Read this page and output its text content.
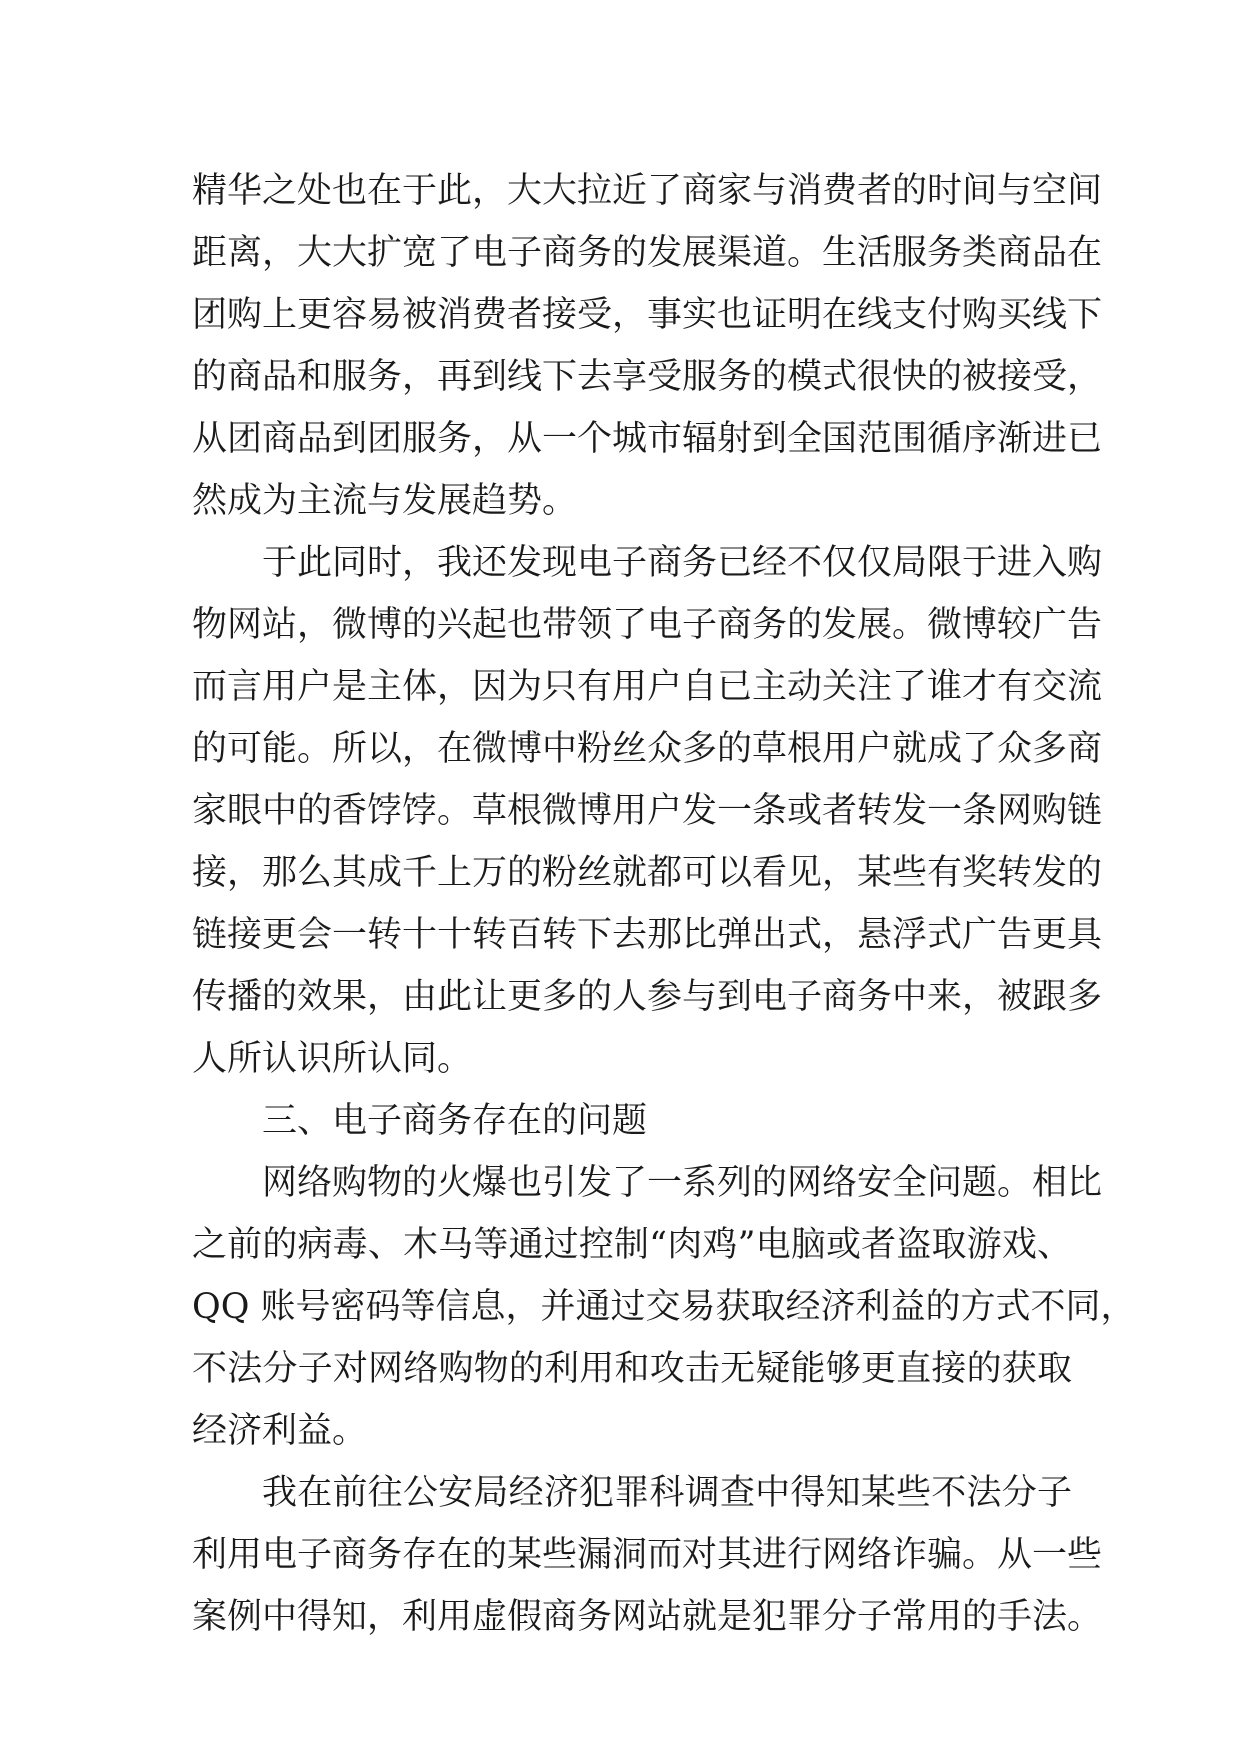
精华之处也在于此，大大拉近了商家与消费者的时间与空间
距离，大大扩宽了电子商务的发展渠道。生活服务类商品在
团购上更容易被消费者接受，事实也证明在线支付购买线下
的商品和服务，再到线下去享受服务的模式很快的被接受，
从团商品到团服务，从一个城市辐射到全国范围循序渐进已
然成为主流与发展趋势。
于此同时，我还发现电子商务已经不仅仅局限于进入购
物网站，微博的兴起也带领了电子商务的发展。微博较广告
而言用户是主体，因为只有用户自已主动关注了谁才有交流
的可能。所以，在微博中粉丝众多的草根用户就成了众多商
家眼中的香饽饽。草根微博用户发一条或者转发一条网购链
接，那么其成千上万的粉丝就都可以看见，某些有奖转发的
链接更会一转十十转百转下去那比弹出式，悬浮式广告更具
传播的效果，由此让更多的人参与到电子商务中来，被跟多
人所认识所认同。
三、电子商务存在的问题
网络购物的火爆也引发了一系列的网络安全问题。相比
之前的病毒、木马等通过控制“肉鸡”电脑或者盗取游戏、
QQ 账号密码等信息，并通过交易获取经济利益的方式不同，
不法分子对网络购物的利用和攻击无疑能够更直接的获取
经济利益。
我在前往公安局经济犯罪科调查中得知某些不法分子
利用电子商务存在的某些漏洞而对其进行网络诈骗。从一些
案例中得知，利用虚假商务网站就是犯罪分子常用的手法。
